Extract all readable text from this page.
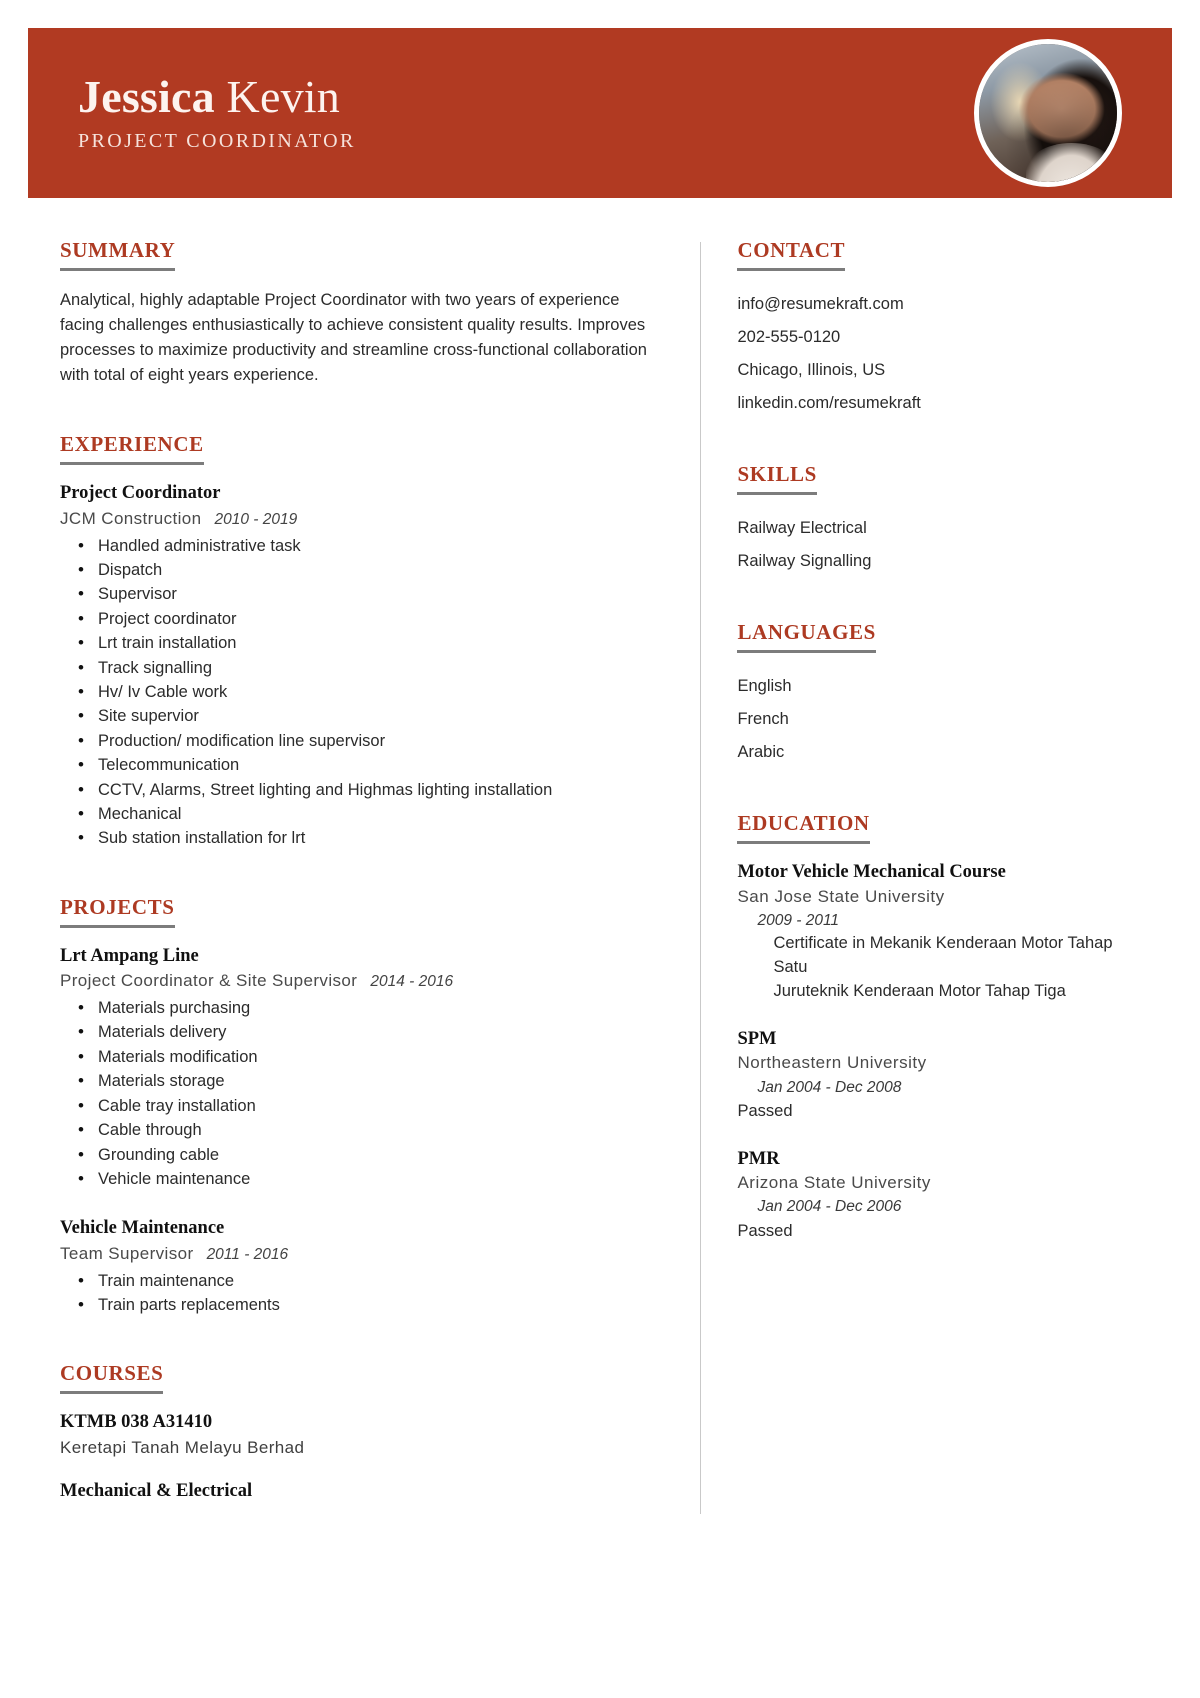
Jessica Kevin
PROJECT COORDINATOR
SUMMARY
Analytical, highly adaptable Project Coordinator with two years of experience facing challenges enthusiastically to achieve consistent quality results. Improves processes to maximize productivity and streamline cross-functional collaboration with total of eight years experience.
EXPERIENCE
Project Coordinator
JCM Construction 2010 - 2019
• Handled administrative task
• Dispatch
• Supervisor
• Project coordinator
• Lrt train installation
• Track signalling
• Hv/ Iv Cable work
• Site supervior
• Production/ modification line supervisor
• Telecommunication
• CCTV, Alarms, Street lighting and Highmas lighting installation
• Mechanical
• Sub station installation for lrt
PROJECTS
Lrt Ampang Line
Project Coordinator & Site Supervisor 2014 - 2016
• Materials purchasing
• Materials delivery
• Materials modification
• Materials storage
• Cable tray installation
• Cable through
• Grounding cable
• Vehicle maintenance
Vehicle Maintenance
Team Supervisor 2011 - 2016
• Train maintenance
• Train parts replacements
COURSES
KTMB 038 A31410
Keretapi Tanah Melayu Berhad
Mechanical & Electrical
CONTACT
info@resumekraft.com
202-555-0120
Chicago, Illinois, US
linkedin.com/resumekraft
SKILLS
Railway Electrical
Railway Signalling
LANGUAGES
English
French
Arabic
EDUCATION
Motor Vehicle Mechanical Course
San Jose State University
2009 - 2011
Certificate in Mekanik Kenderaan Motor Tahap Satu
Juruteknik Kenderaan Motor Tahap Tiga
SPM
Northeastern University
Jan 2004 - Dec 2008
Passed
PMR
Arizona State University
Jan 2004 - Dec 2006
Passed
